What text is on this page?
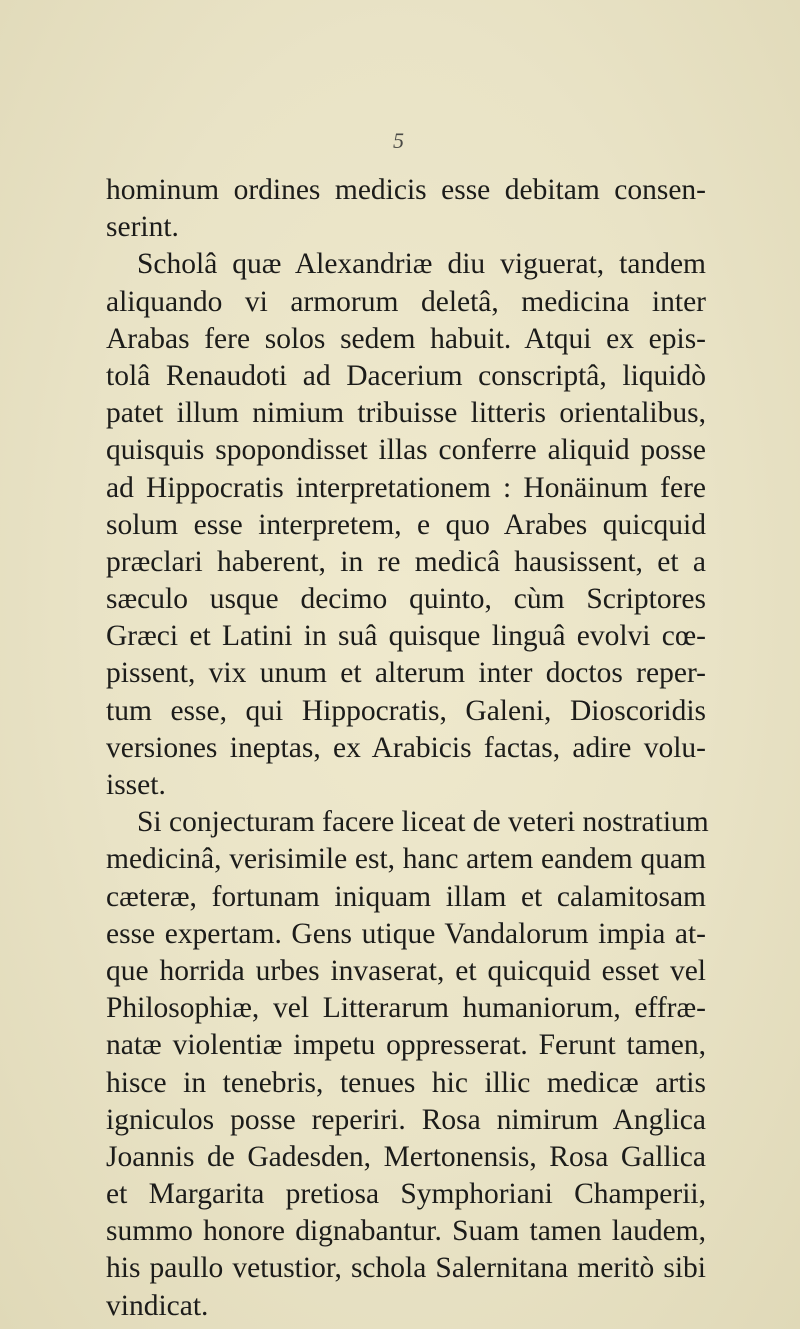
5
hominum ordines medicis esse debitam consen-
serint.
Scholâ quæ Alexandriæ diu viguerat, tandem
aliquando vi armorum deletâ, medicina inter
Arabas fere solos sedem habuit. Atqui ex epis-
tolâ Renaudoti ad Dacerium conscriptâ, liquidò
patet illum nimium tribuisse litteris orientalibus,
quisquis spopondisset illas conferre aliquid posse
ad Hippocratis interpretationem : Honäinum fere
solum esse interpretem, e quo Arabes quicquid
præclari haberent, in re medicâ hausissent, et a
sæculo usque decimo quinto, cùm Scriptores
Græci et Latini in suâ quisque linguâ evolvi cœ-
pissent, vix unum et alterum inter doctos reper-
tum esse, qui Hippocratis, Galeni, Dioscoridis
versiones ineptas, ex Arabicis factas, adire volu-
isset.
Si conjecturam facere liceat de veteri nostratium
medicinâ, verisimile est, hanc artem eandem quam
cæteræ, fortunam iniquam illam et calamitosam
esse expertam. Gens utique Vandalorum impia at-
que horrida urbes invaserat, et quicquid esset vel
Philosophiæ, vel Litterarum humaniorum, effræ-
natæ violentiæ impetu oppresserat. Ferunt tamen,
hisce in tenebris, tenues hic illic medicæ artis
igniculos posse reperiri. Rosa nimirum Anglica
Joannis de Gadesden, Mertonensis, Rosa Gallica
et Margarita pretiosa Symphoriani Champerii,
summo honore dignabantur. Suam tamen laudem,
his paullo vetustior, schola Salernitana meritò sibi
vindicat.
